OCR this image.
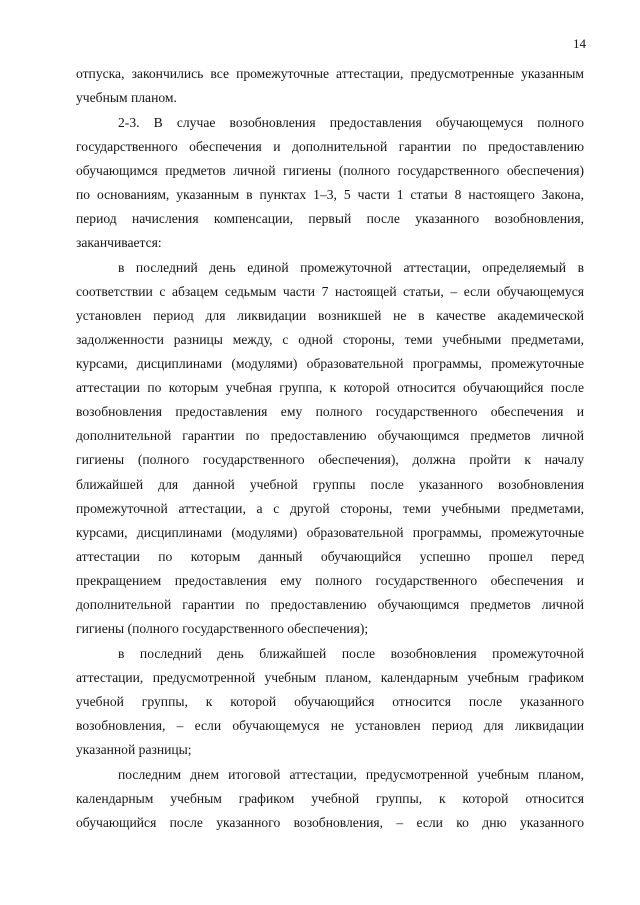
14
отпуска, закончились все промежуточные аттестации, предусмотренные указанным
учебным планом.
2-3. В случае возобновления предоставления обучающемуся полного
государственного обеспечения и дополнительной гарантии по предоставлению
обучающимся предметов личной гигиены (полного государственного обеспечения)
по основаниям, указанным в пунктах 1–3, 5 части 1 статьи 8 настоящего Закона,
период начисления компенсации, первый после указанного возобновления,
заканчивается:
в последний день единой промежуточной аттестации, определяемый в
соответствии с абзацем седьмым части 7 настоящей статьи, – если обучающемуся
установлен период для ликвидации возникшей не в качестве академической
задолженности разницы между, с одной стороны, теми учебными предметами,
курсами, дисциплинами (модулями) образовательной программы, промежуточные
аттестации по которым учебная группа, к которой относится обучающийся после
возобновления предоставления ему полного государственного обеспечения и
дополнительной гарантии по предоставлению обучающимся предметов личной
гигиены (полного государственного обеспечения), должна пройти к началу
ближайшей для данной учебной группы после указанного возобновления
промежуточной аттестации, а с другой стороны, теми учебными предметами,
курсами, дисциплинами (модулями) образовательной программы, промежуточные
аттестации по которым данный обучающийся успешно прошел перед
прекращением предоставления ему полного государственного обеспечения и
дополнительной гарантии по предоставлению обучающимся предметов личной
гигиены (полного государственного обеспечения);
в последний день ближайшей после возобновления промежуточной
аттестации, предусмотренной учебным планом, календарным учебным графиком
учебной группы, к которой обучающийся относится после указанного
возобновления, – если обучающемуся не установлен период для ликвидации
указанной разницы;
последним днем итоговой аттестации, предусмотренной учебным планом,
календарным учебным графиком учебной группы, к которой относится
обучающийся после указанного возобновления, – если ко дню указанного
